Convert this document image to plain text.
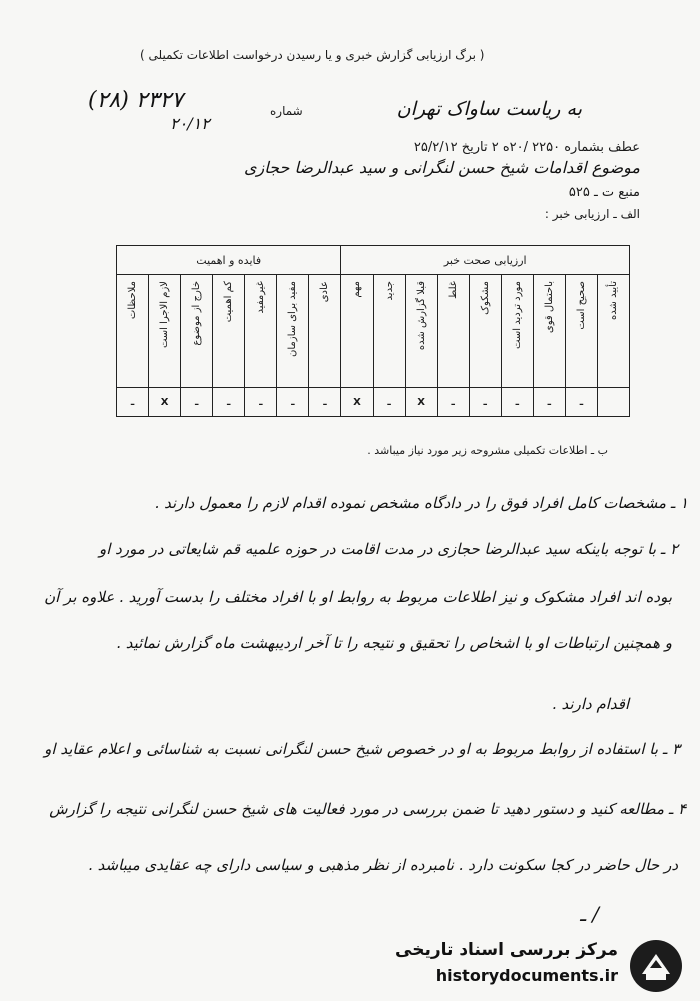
( برگ ارزیابی گزارش خبری و یا رسیدن درخواست اطلاعات تکمیلی )
(٢٨) ۲۳۲۷
۲۰/۱۲
شماره	به ریاست ساواک تهران
عطف بشماره ۲۲۵۰ /۲۰ه ۲ تاریخ ۲۵/۲/۱۲
موضوع اقدامات شیخ حسن لنگرانی و سید عبدالرضا حجازی
منبع ت ـ ۵۲۵
الف ـ ارزیابی خبر :
ارزیابی صحت خبر									فایده و اهمیت						
تأیید شده	صحیح است	باحتمال قوی	مورد تردید است	مشکوک	غلط	قبلا گزارش شده	جدید	مهم	عادی	مفید برای سازمان	غیرمفید	کم اهمیت	خارج از موضوع	لازم الاجرا است	ملاحظات
	ـ	ـ	ـ	ـ	ـ	X	ـ	X	ـ	ـ	ـ	ـ	ـ	X	ـ
ب ـ اطلاعات تکمیلی مشروحه زیر مورد نیاز میباشد .
۱ ـ مشخصات کامل افراد فوق را در دادگاه مشخص نموده اقدام لازم را معمول دارند .
۲ ـ با توجه باینکه سید عبدالرضا حجازی در مدت اقامت در حوزه علمیه قم شایعاتی در مورد او
بوده اند افراد مشکوک و نیز اطلاعات مربوط به روابط او با افراد مختلف را بدست آورید . علاوه بر آن
و همچنین ارتباطات او با اشخاص را تحقیق و نتیجه را تا آخر اردیبهشت ماه گزارش نمائید .
اقدام دارند .
۳ ـ با استفاده از روابط مربوط به او در خصوص شیخ حسن لنگرانی نسبت به شناسائی و اعلام عقاید او
۴ ـ مطالعه کنید و دستور دهید تا ضمن بررسی در مورد فعالیت های شیخ حسن لنگرانی نتیجه را گزارش
در حال حاضر در کجا سکونت دارد . نامبرده از نظر مذهبی و سیاسی دارای چه عقایدی میباشد .
ـ /
مرکز بررسی اسناد تاریخی
historydocuments.ir
